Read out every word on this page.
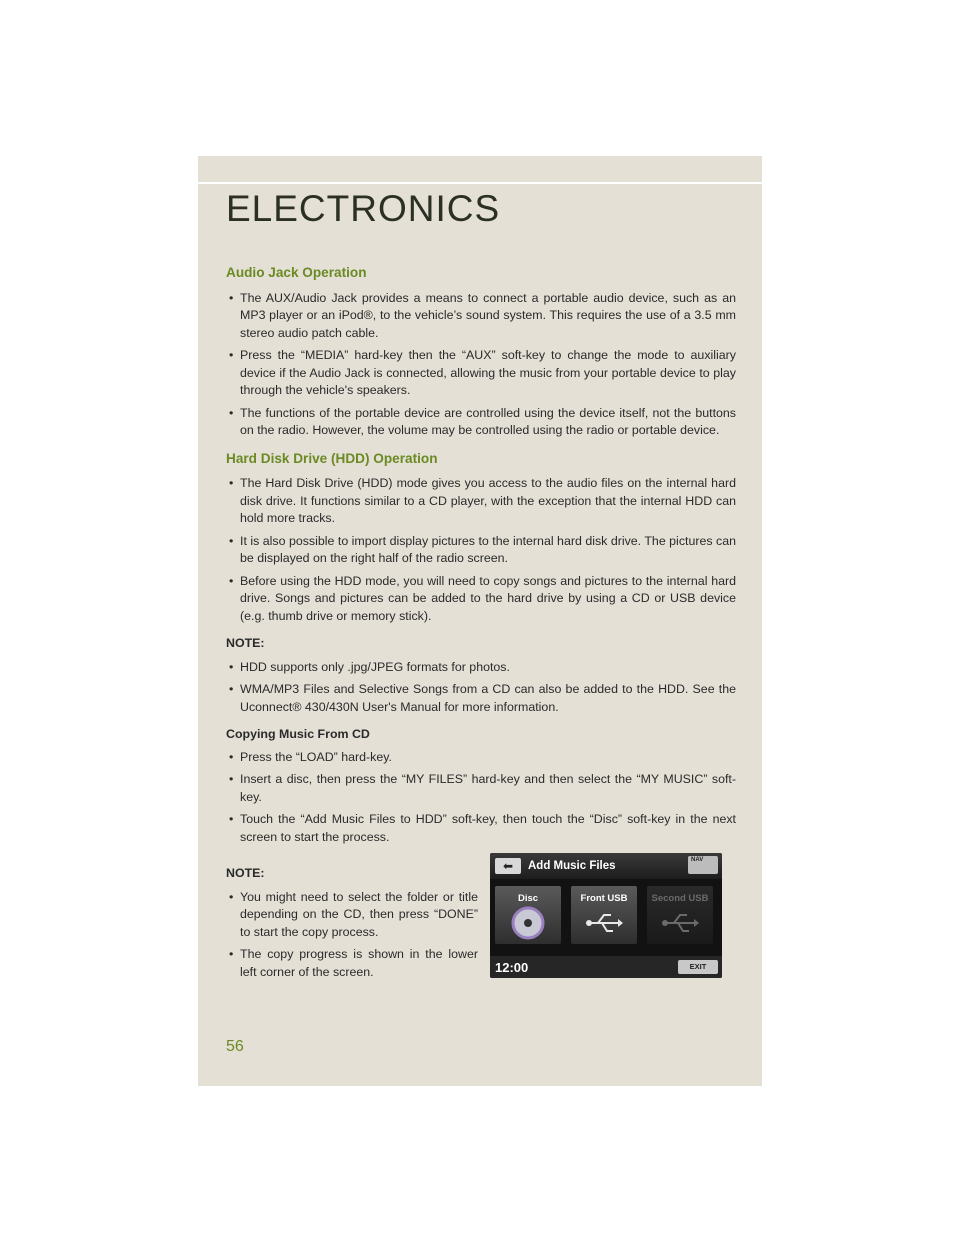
ELECTRONICS
Audio Jack Operation
• The AUX/Audio Jack provides a means to connect a portable audio device, such as an MP3 player or an iPod®, to the vehicle’s sound system. This requires the use of a 3.5 mm stereo audio patch cable.
• Press the “MEDIA” hard-key then the “AUX” soft-key to change the mode to auxiliary device if the Audio Jack is connected, allowing the music from your portable device to play through the vehicle's speakers.
• The functions of the portable device are controlled using the device itself, not the buttons on the radio. However, the volume may be controlled using the radio or portable device.
Hard Disk Drive (HDD) Operation
• The Hard Disk Drive (HDD) mode gives you access to the audio files on the internal hard disk drive. It functions similar to a CD player, with the exception that the internal HDD can hold more tracks.
• It is also possible to import display pictures to the internal hard disk drive. The pictures can be displayed on the right half of the radio screen.
• Before using the HDD mode, you will need to copy songs and pictures to the internal hard drive. Songs and pictures can be added to the hard drive by using a CD or USB device (e.g. thumb drive or memory stick).
NOTE:
• HDD supports only .jpg/JPEG formats for photos.
• WMA/MP3 Files and Selective Songs from a CD can also be added to the HDD. See the Uconnect® 430/430N User's Manual for more information.
Copying Music From CD
• Press the “LOAD” hard-key.
• Insert a disc, then press the “MY FILES” hard-key and then select the “MY MUSIC” soft-key.
• Touch the “Add Music Files to HDD” soft-key, then touch the “Disc” soft-key in the next screen to start the process.
NOTE:
• You might need to select the folder or title depending on the CD, then press “DONE” to start the copy process.
• The copy progress is shown in the lower left corner of the screen.
⬅	Add Music Files	NAV
Disc	Front USB	Second USB
12:00	EXIT
56
